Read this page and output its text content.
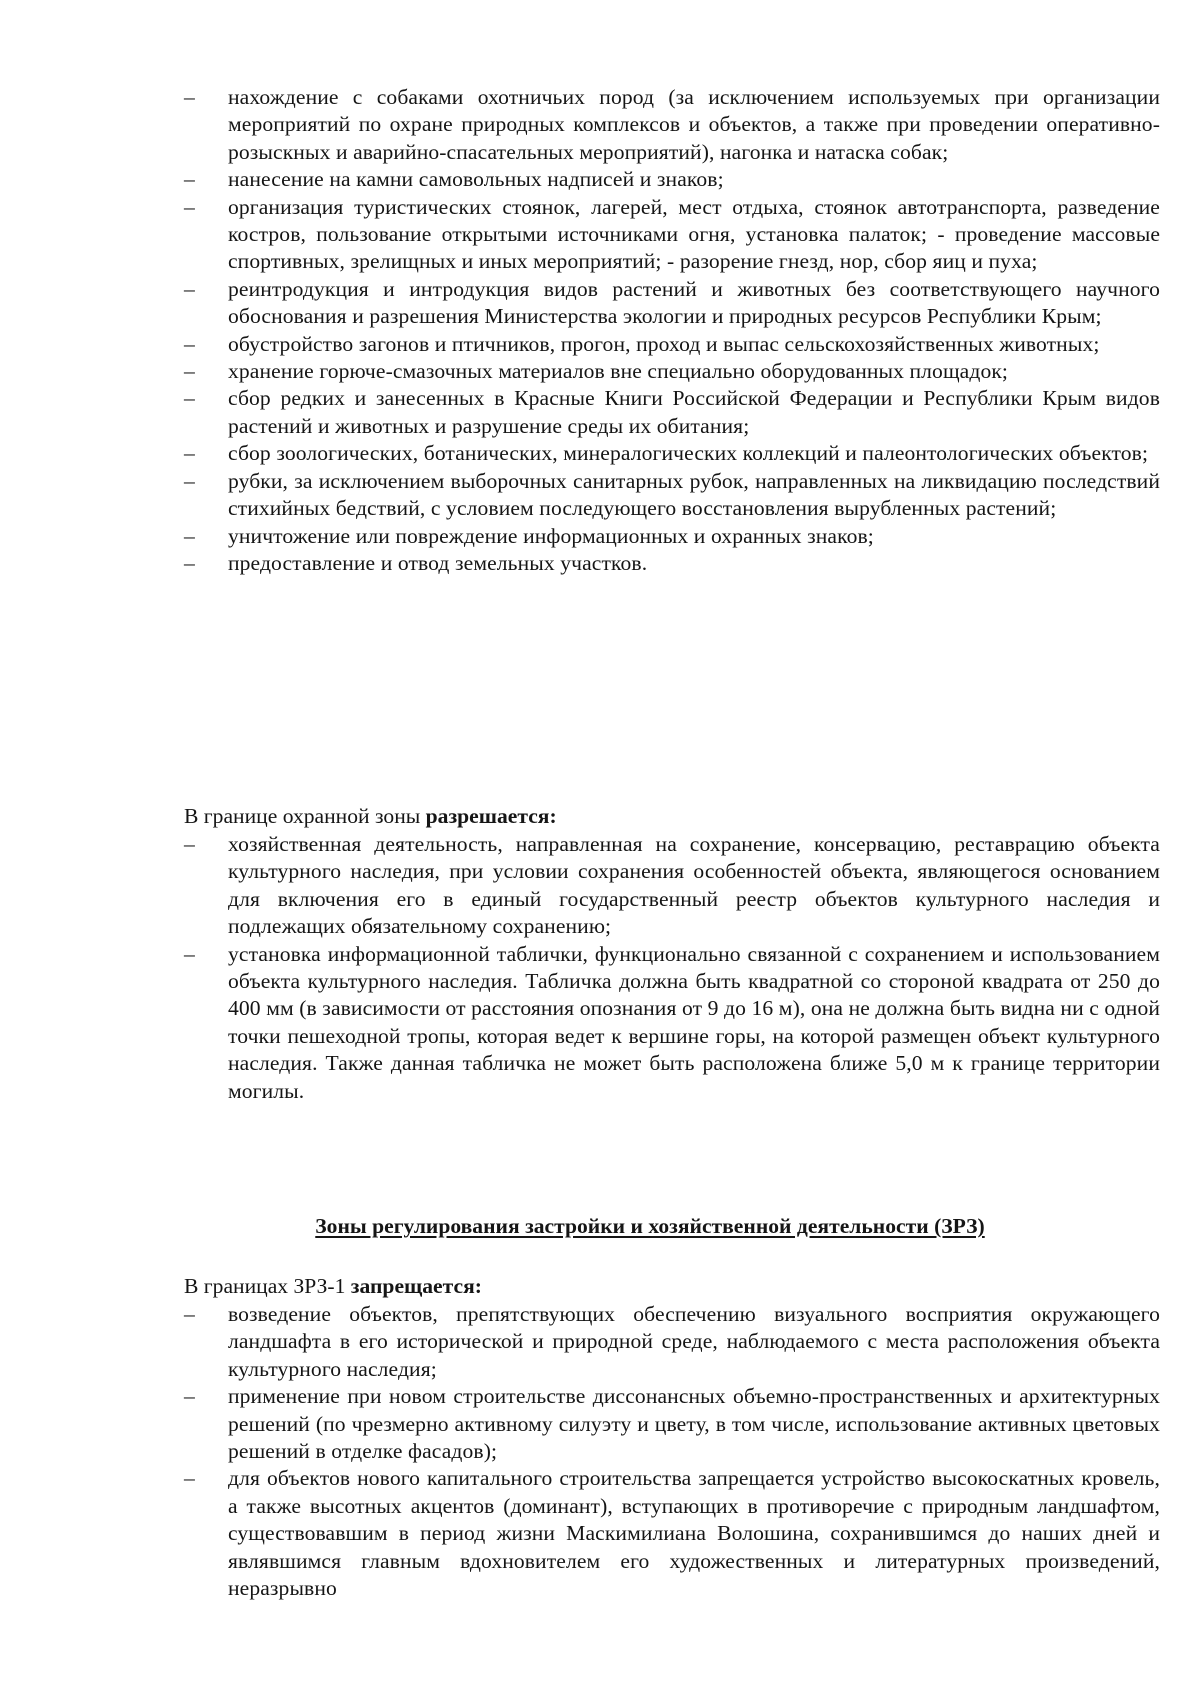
– нахождение с собаками охотничьих пород (за исключением используемых при организации мероприятий по охране природных комплексов и объектов, а также при проведении оперативно-розыскных и аварийно-спасательных мероприятий), нагонка и натаска собак;
– нанесение на камни самовольных надписей и знаков;
– организация туристических стоянок, лагерей, мест отдыха, стоянок автотранспорта, разведение костров, пользование открытыми источниками огня, установка палаток; - проведение массовые спортивных, зрелищных и иных мероприятий; - разорение гнезд, нор, сбор яиц и пуха;
– реинтродукция и интродукция видов растений и животных без соответствующего научного обоснования и разрешения Министерства экологии и природных ресурсов Республики Крым;
– обустройство загонов и птичников, прогон, проход и выпас сельскохозяйственных животных;
– хранение горюче-смазочных материалов вне специально оборудованных площадок;
– сбор редких и занесенных в Красные Книги Российской Федерации и Республики Крым видов растений и животных и разрушение среды их обитания;
– сбор зоологических, ботанических, минералогических коллекций и палеонтологических объектов;
– рубки, за исключением выборочных санитарных рубок, направленных на ликвидацию последствий стихийных бедствий, с условием последующего восстановления вырубленных растений;
– уничтожение или повреждение информационных и охранных знаков;
– предоставление и отвод земельных участков.
В границе охранной зоны разрешается:
– хозяйственная деятельность, направленная на сохранение, консервацию, реставрацию объекта культурного наследия, при условии сохранения особенностей объекта, являющегося основанием для включения его в единый государственный реестр объектов культурного наследия и подлежащих обязательному сохранению;
– установка информационной таблички, функционально связанной с сохранением и использованием объекта культурного наследия. Табличка должна быть квадратной со стороной квадрата от 250 до 400 мм (в зависимости от расстояния опознания от 9 до 16 м), она не должна быть видна ни с одной точки пешеходной тропы, которая ведет к вершине горы, на которой размещен объект культурного наследия. Также данная табличка не может быть расположена ближе 5,0 м к границе территории могилы.
Зоны регулирования застройки и хозяйственной деятельности (ЗРЗ)
В границах ЗРЗ-1 запрещается:
– возведение объектов, препятствующих обеспечению визуального восприятия окружающего ландшафта в его исторической и природной среде, наблюдаемого с места расположения объекта культурного наследия;
– применение при новом строительстве диссонансных объемно-пространственных и архитектурных решений (по чрезмерно активному силуэту и цвету, в том числе, использование активных цветовых решений в отделке фасадов);
– для объектов нового капитального строительства запрещается устройство высокоскатных кровель, а также высотных акцентов (доминант), вступающих в противоречие с природным ландшафтом, существовавшим в период жизни Маскимилиана Волошина, сохранившимся до наших дней и являвшимся главным вдохновителем его художественных и литературных произведений, неразрывно
